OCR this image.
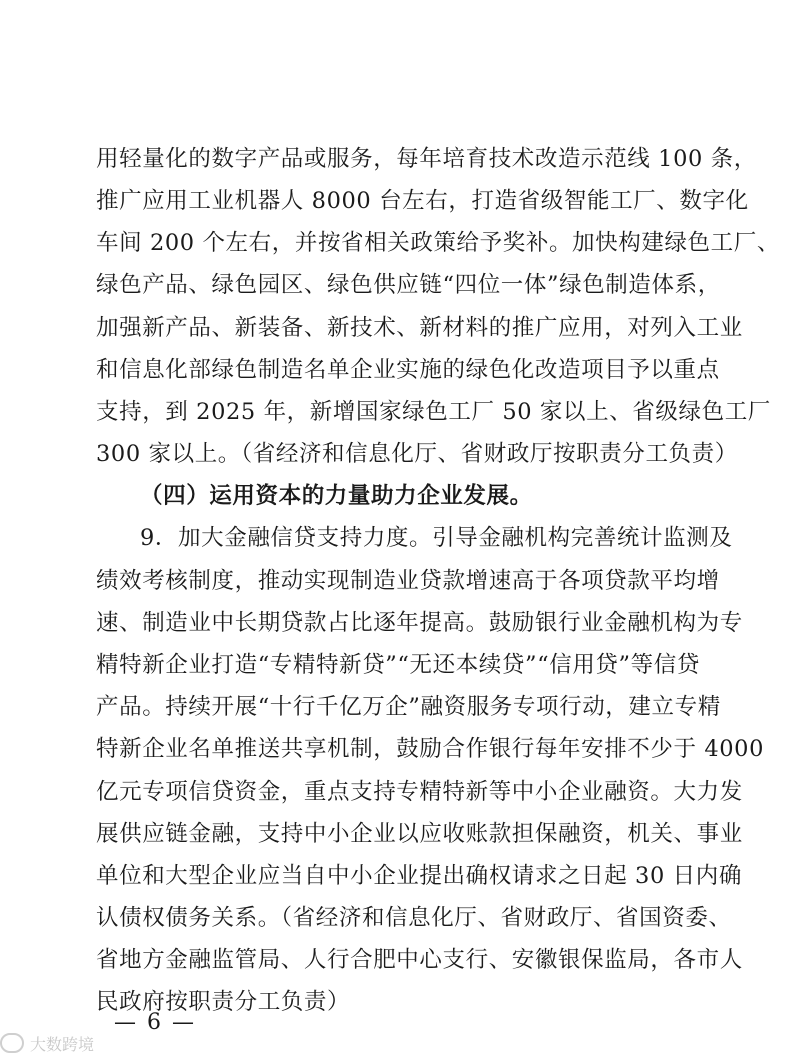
用轻量化的数字产品或服务，每年培育技术改造示范线 100 条，
推广应用工业机器人 8000 台左右，打造省级智能工厂、数字化
车间 200 个左右，并按省相关政策给予奖补。加快构建绿色工厂、
绿色产品、绿色园区、绿色供应链“四位一体”绿色制造体系，
加强新产品、新装备、新技术、新材料的推广应用，对列入工业
和信息化部绿色制造名单企业实施的绿色化改造项目予以重点
支持，到 2025 年，新增国家绿色工厂 50 家以上、省级绿色工厂
300 家以上。（省经济和信息化厅、省财政厅按职责分工负责）
（四）运用资本的力量助力企业发展。
9．加大金融信贷支持力度。引导金融机构完善统计监测及
绩效考核制度，推动实现制造业贷款增速高于各项贷款平均增
速、制造业中长期贷款占比逐年提高。鼓励银行业金融机构为专
精特新企业打造“专精特新贷”“无还本续贷”“信用贷”等信贷
产品。持续开展“十行千亿万企”融资服务专项行动，建立专精
特新企业名单推送共享机制，鼓励合作银行每年安排不少于 4000
亿元专项信贷资金，重点支持专精特新等中小企业融资。大力发
展供应链金融，支持中小企业以应收账款担保融资，机关、事业
单位和大型企业应当自中小企业提出确权请求之日起 30 日内确
认债权债务关系。（省经济和信息化厅、省财政厅、省国资委、
省地方金融监管局、人行合肥中心支行、安徽银保监局，各市人
民政府按职责分工负责）
— 6 —
大数跨境
